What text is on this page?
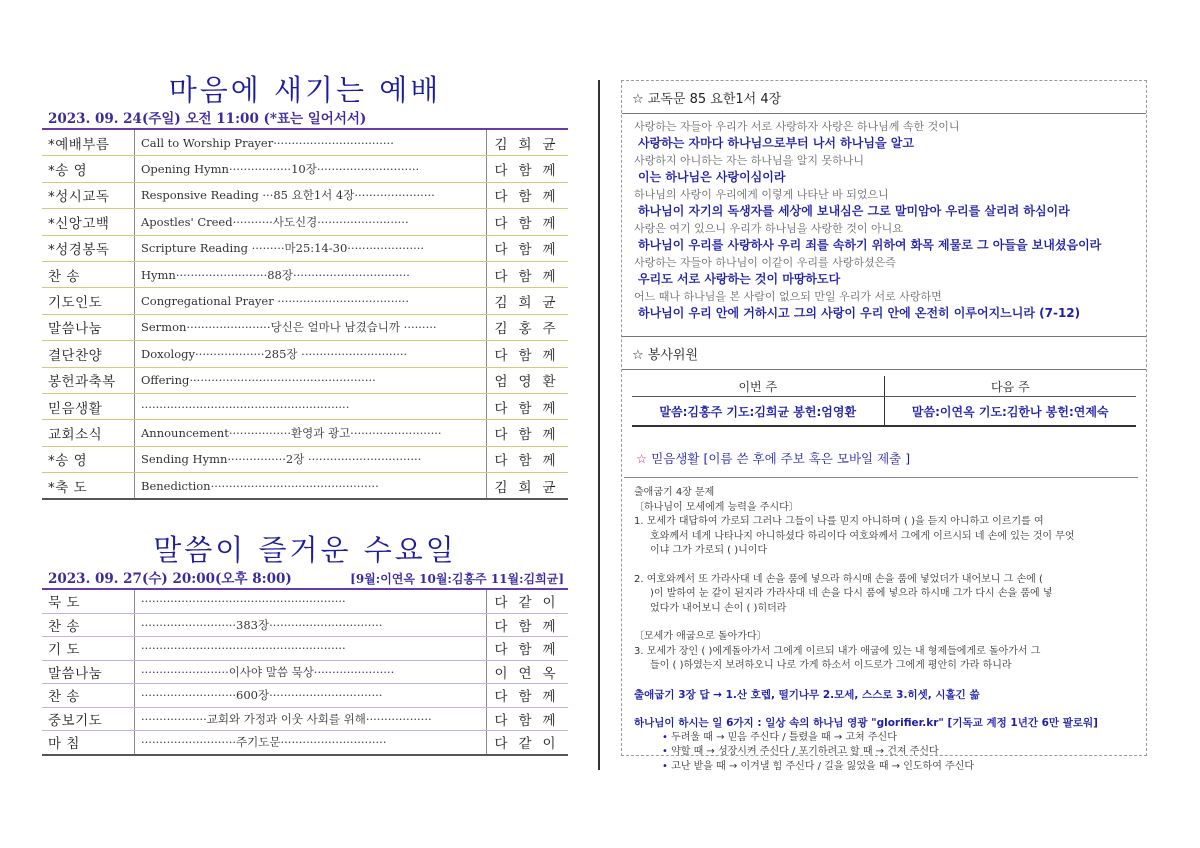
마음에 새기는 예배
2023. 09. 24(주일) 오전 11:00 (*표는 일어서서)
*예배부름	Call to Worship Prayer·································	김희균
*송 영	Opening Hymn·················10장····························	다함께
*성시교독	Responsive Reading ···85 요한1서 4장······················	다함께
*신앙고백	Apostles' Creed···········사도신경·························	다함께
*성경봉독	Scripture Reading ·········마25:14-30·····················	다함께
찬 송	Hymn·························88장································	다함께
기도인도	Congregational Prayer ····································	김희균
말씀나눔	Sermon·······················당신은 얼마나 남겼습니까 ·········	김홍주
결단찬양	Doxology···················285장 ·····························	다함께
봉헌과축복	Offering···················································	엄영환
믿음생활	·························································	다함께
교회소식	Announcement·················환영과 광고·························	다함께
*송 영	Sending Hymn················2장 ·······························	다함께
*축 도	Benediction··············································	김희균
말씀이 즐거운 수요일
2023. 09. 27(수) 20:00(오후 8:00)	[9월:이연옥 10월:김홍주 11월:김희균]
묵 도	························································	다같이
찬 송	··························383장·······························	다함께
기 도	························································	다함께
말씀나눔	························이사야 말씀 묵상······················	이연옥
찬 송	··························600장·······························	다함께
중보기도	··················교회와 가정과 이웃 사회를 위해··················	다함께
마 침	··························주기도문·····························	다같이
☆ 교독문 85 요한1서 4장
사랑하는 자들아 우리가 서로 사랑하자 사랑은 하나님께 속한 것이니
사랑하는 자마다 하나님으로부터 나서 하나님을 알고
사랑하지 아니하는 자는 하나님을 알지 못하나니
이는 하나님은 사랑이심이라
하나님의 사랑이 우리에게 이렇게 나타난 바 되었으니
하나님이 자기의 독생자를 세상에 보내심은 그로 말미암아 우리를 살리려 하심이라
사랑은 여기 있으니 우리가 하나님을 사랑한 것이 아니요
하나님이 우리를 사랑하사 우리 죄를 속하기 위하여 화목 제물로 그 아들을 보내셨음이라
사랑하는 자들아 하나님이 이같이 우리를 사랑하셨은즉
우리도 서로 사랑하는 것이 마땅하도다
어느 때나 하나님을 본 사람이 없으되 만일 우리가 서로 사랑하면
하나님이 우리 안에 거하시고 그의 사랑이 우리 안에 온전히 이루어지느니라 (7-12)
☆ 봉사위원
이번 주	다음 주
말씀:김홍주 기도:김희균 봉헌:엄영환	말씀:이연옥 기도:김한나 봉헌:연제숙
☆ 믿음생활 [이름 쓴 후에 주보 혹은 모바일 제출 ]
출애굽기 4장 문제
〔하나님이 모세에게 능력을 주시다〕
1. 모세가 대답하여 가로되 그러나 그들이 나를 믿지 아니하며 ( )을 듣지 아니하고 이르기를 여
호와께서 네게 나타나지 아니하셨다 하리이다 여호와께서 그에게 이르시되 네 손에 있는 것이 무엇
이냐 그가 가로되 ( )니이다
2. 여호와께서 또 가라사대 네 손을 품에 넣으라 하시매 손을 품에 넣었더가 내어보니 그 손에 (
)이 발하여 눈 같이 된지라 가라사대 네 손을 다시 품에 넣으라 하시매 그가 다시 손을 품에 넣
었다가 내어보니 손이 ( )히더라
〔모세가 애굽으로 돌아가다〕
3. 모세가 장인 ( )에게돌아가서 그에게 이르되 내가 애굽에 있는 내 형제들에게로 돌아가서 그
들이 ( )하였는지 보려하오니 나로 가게 하소서 이드로가 그에게 평안히 가라 하니라
출애굽기 3장 답 → 1.산 호렙, 떨기나무 2.모세, 스스로 3.히셋, 시홀긴 쓺
하나님이 하시는 일 6가지 : 일상 속의 하나님 영광 "glorifier.kr" [기독교 계정 1년간 6만 팔로워]
• 두려울 때 → 믿음 주신다 / 틀렸을 때 → 고쳐 주신다
• 약할 때 → 성장시켜 주신다 / 포기하려고 할 때 → 건져 주신다
• 고난 받을 때 → 이겨낼 힘 주신다 / 길을 잃었을 때 → 인도하여 주신다
